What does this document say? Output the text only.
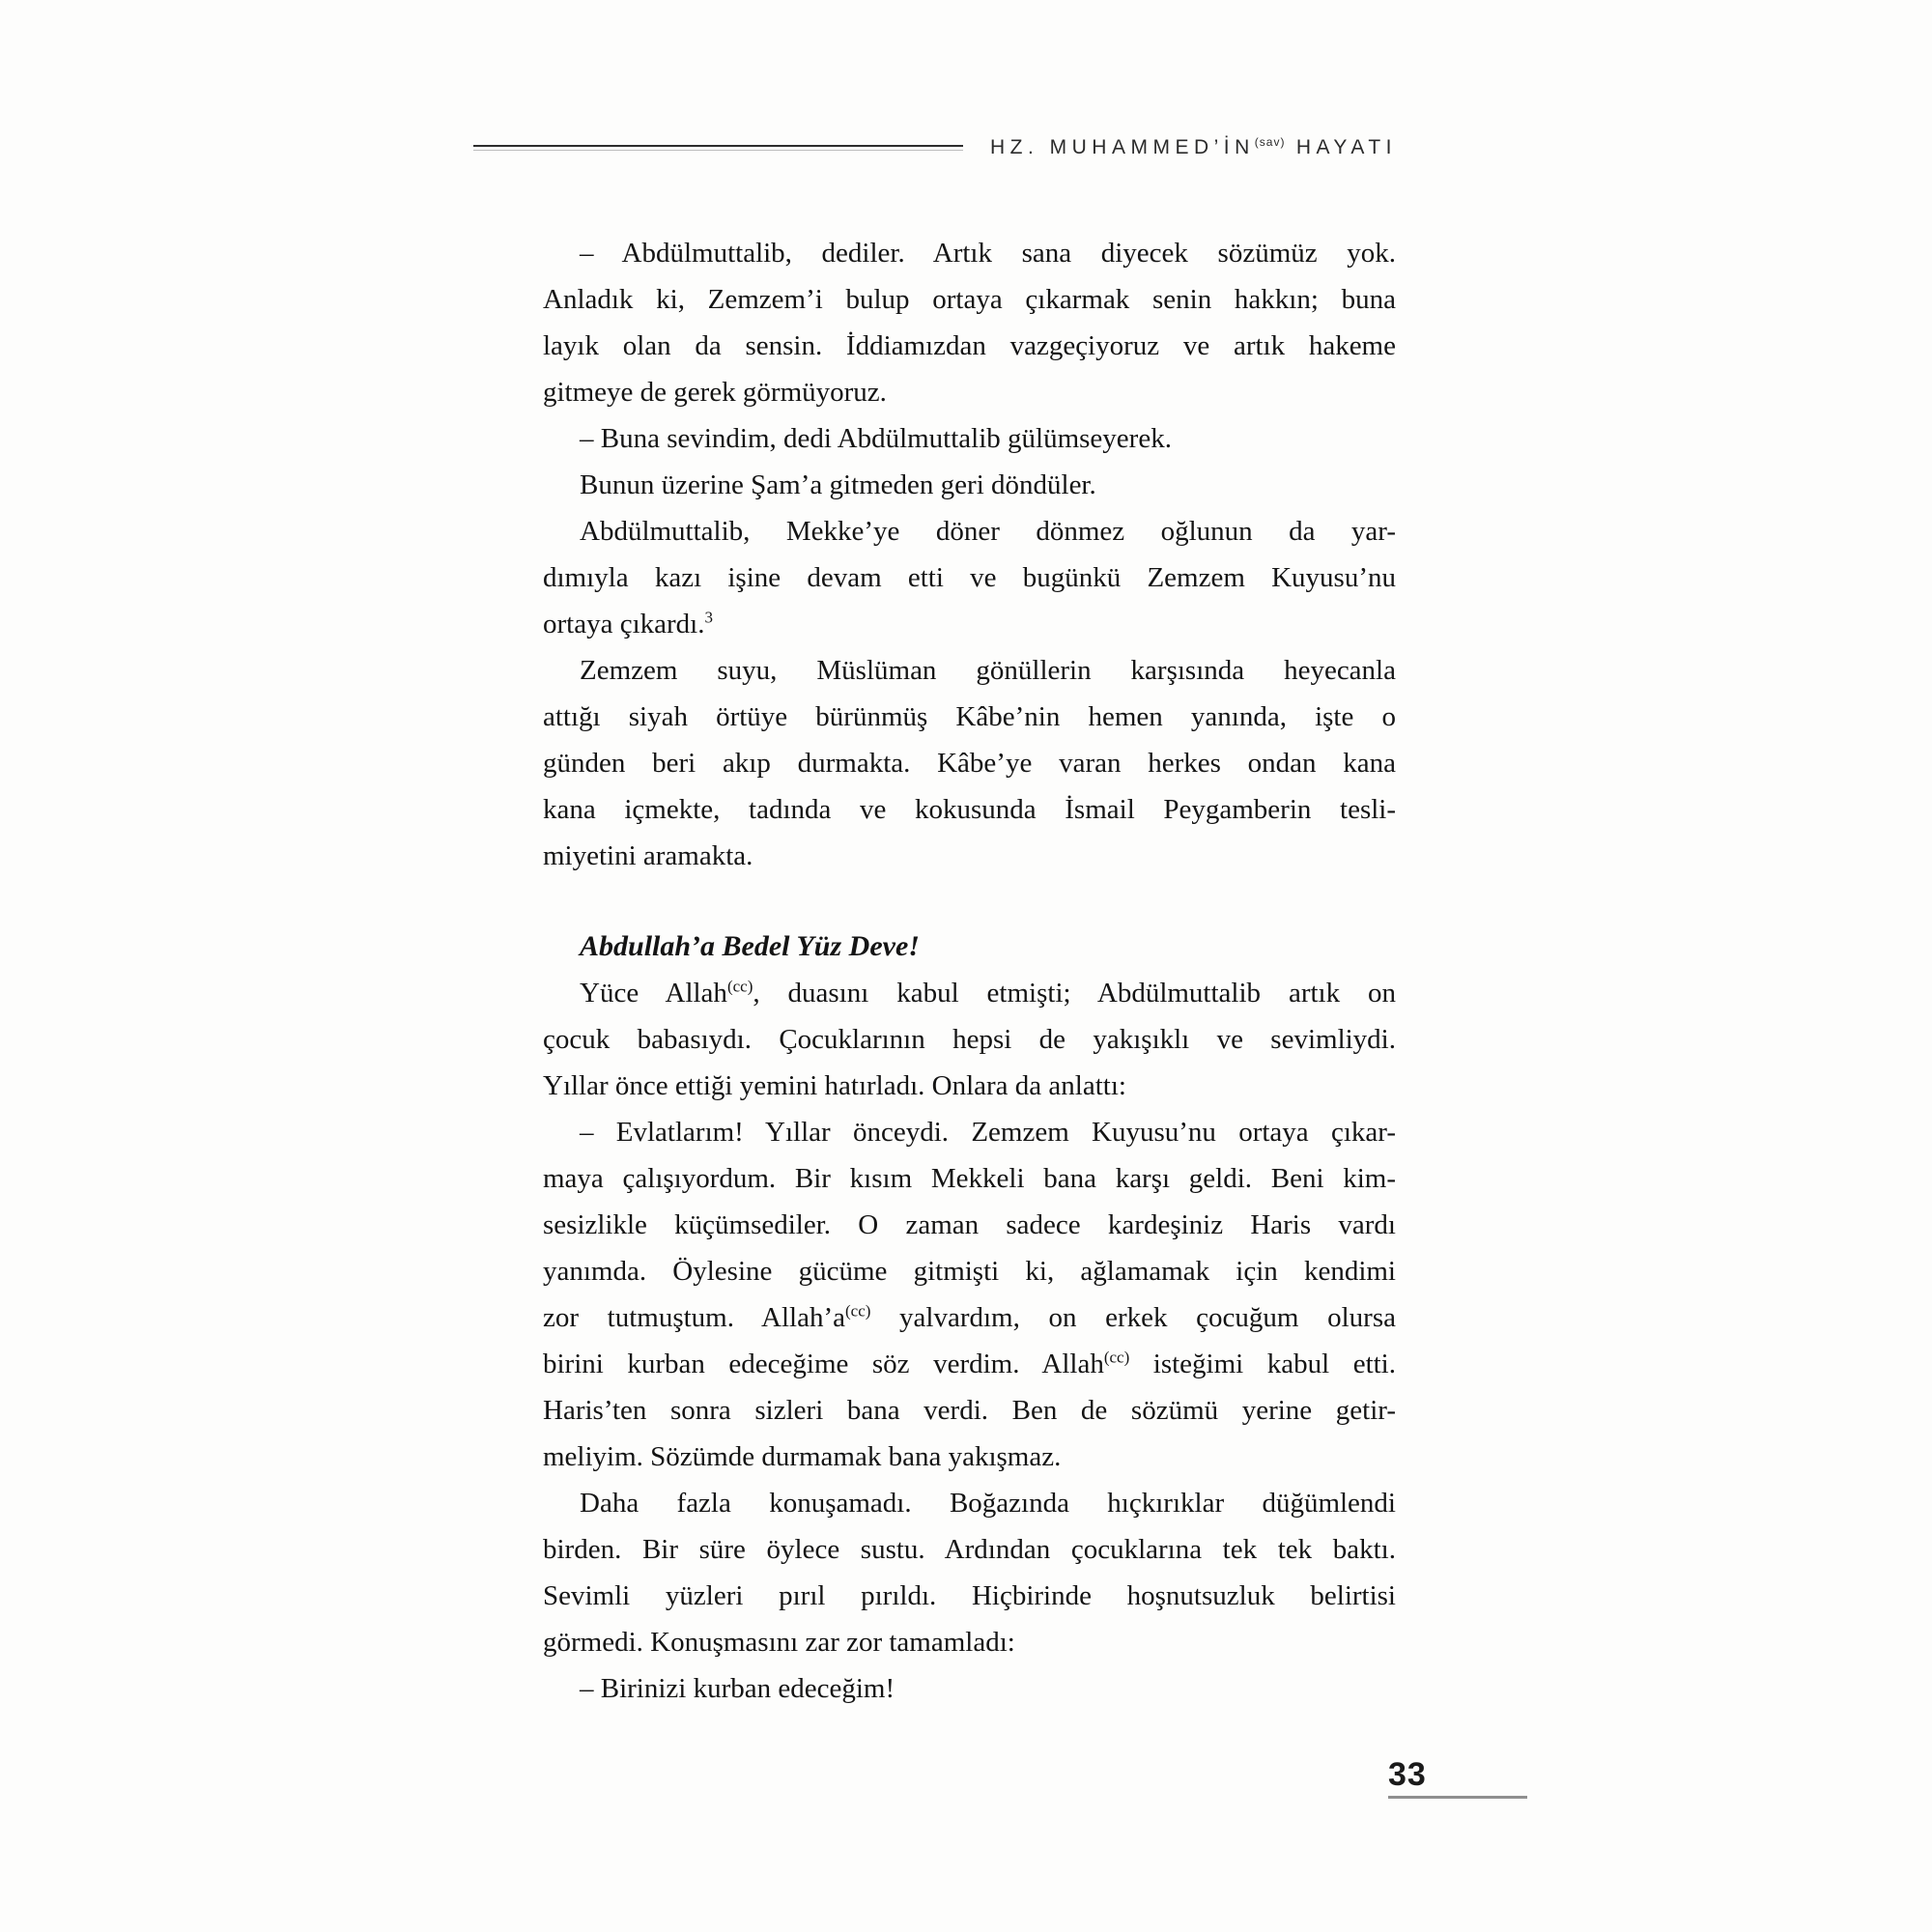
HZ. $MUHAMMED’İN^{(sav)}$ HAYATI
– Abdülmuttalib, dediler. Artık sana diyecek sözümüz yok.
Anladık ki, Zemzem’i bulup ortaya çıkarmak senin hakkın; buna
layık olan da sensin. İddiamızdan vazgeçiyoruz ve artık hakeme
gitmeye de gerek görmüyoruz.
– Buna sevindim, dedi Abdülmuttalib gülümseyerek.
Bunun üzerine Şam’a gitmeden geri döndüler.
Abdülmuttalib, Mekke’ye döner dönmez oğlunun da yar-
dımıyla kazı işine devam etti ve bugünkü Zemzem Kuyusu’nu
ortaya çıkardı.$^3$
Zemzem suyu, Müslüman gönüllerin karşısında heyecanla
attığı siyah örtüye bürünmüş Kâbe’nin hemen yanında, işte o
günden beri akıp durmakta. Kâbe’ye varan herkes ondan kana
kana içmekte, tadında ve kokusunda İsmail Peygamberin tesli-
miyetini aramakta.
Abdullah’a Bedel Yüz Deve!
Yüce Allah$^{(cc)}$, duasını kabul etmişti; Abdülmuttalib artık on
çocuk babasıydı. Çocuklarının hepsi de yakışıklı ve sevimliydi.
Yıllar önce ettiği yemini hatırladı. Onlara da anlattı:
– Evlatlarım! Yıllar önceydi. Zemzem Kuyusu’nu ortaya çıkar-
maya çalışıyordum. Bir kısım Mekkeli bana karşı geldi. Beni kim-
sesizlikle küçümsediler. O zaman sadece kardeşiniz Haris vardı
yanımda. Öylesine gücüme gitmişti ki, ağlamamak için kendimi
zor tutmuştum. $Allah’a^{(cc)}$ yalvardım, on erkek çocuğum olursa
birini kurban edeceğime söz verdim. Allah$^{(cc)}$ isteğimi kabul etti.
Haris’ten sonra sizleri bana verdi. Ben de sözümü yerine getir-
meliyim. Sözümde durmamak bana yakışmaz.
Daha fazla konuşamadı. Boğazında hıçkırıklar düğümlendi
birden. Bir süre öylece sustu. Ardından çocuklarına tek tek baktı.
Sevimli yüzleri pırıl pırıldı. Hiçbirinde hoşnutsuzluk belirtisi
görmedi. Konuşmasını zar zor tamamladı:
– Birinizi kurban edeceğim!
33
